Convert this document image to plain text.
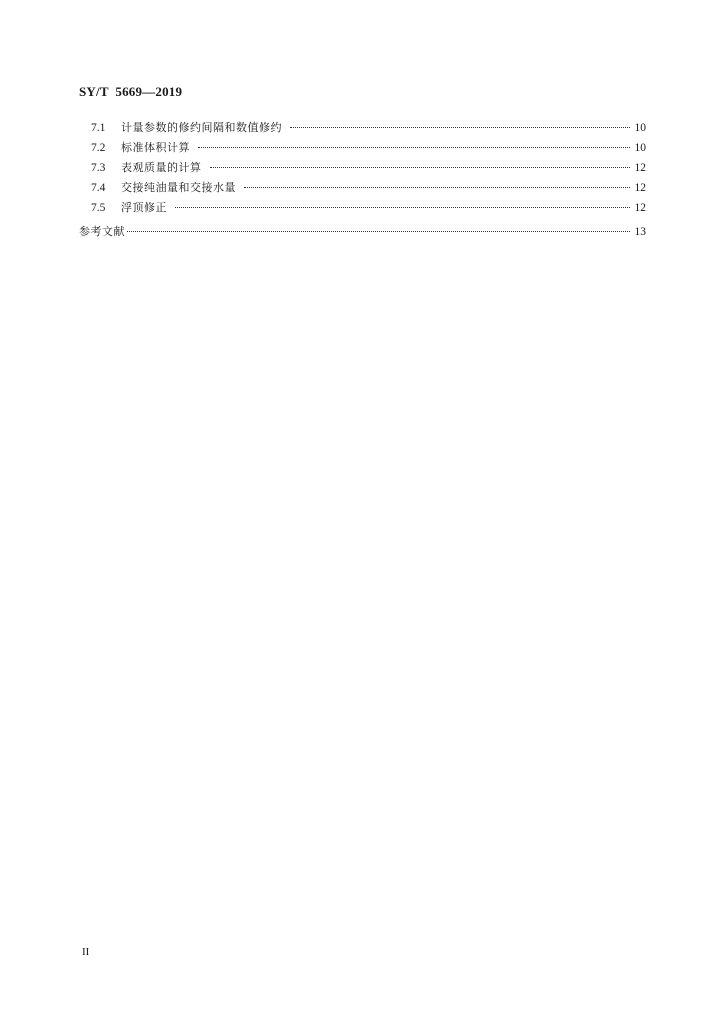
SY/T  5669—2019
7.1	计量参数的修约间隔和数值修约	10
7.2	标准体积计算	10
7.3	表观质量的计算	12
7.4	交接纯油量和交接水量	12
7.5	浮顶修正	12
参考文献	13
II
